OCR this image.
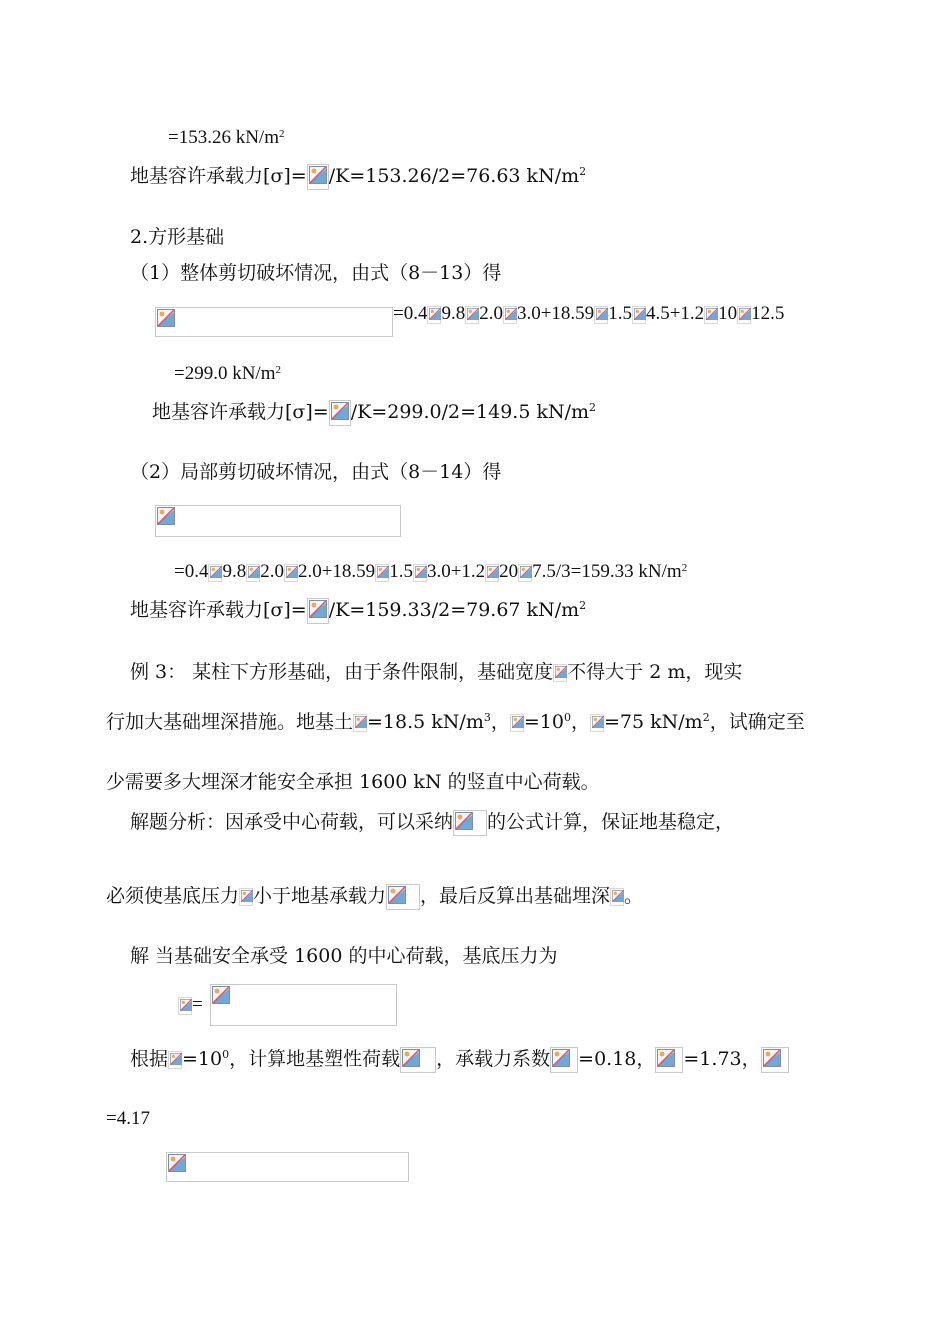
=153.26 $kN/m^2$
地基容许承载力[σ]= /K=153.26/2=76.63 $kN/m^2$
2.方形基础
（1）整体剪切破坏情况，由式（8－13）得
=0.4 9.8 2.0 3.0+18.59 1.5 4.5+1.2 10 12.5
=299.0 $kN/m^2$
地基容许承载力[σ]= /K=299.0/2=149.5 $kN/m^2$
（2）局部剪切破坏情况，由式（8－14）得
=0.4 9.8 2.0 2.0+18.59 1.5 3.0+1.2 20 7.5/3=159.33 $kN/m^2$
地基容许承载力[σ]= /K=159.33/2=79.67 $kN/m^2$
例 3： 某柱下方形基础，由于条件限制，基础宽度 不得大于 2 m，现实
行加大基础埋深措施。地基土 =18.5 $kN/m^3$， $=10^0$， =75 $kN/m^2$，试确定至
少需要多大埋深才能安全承担 1600 kN 的竖直中心荷载。
解题分析：因承受中心荷载，可以采纳 的公式计算，保证地基稳定，
必须使基底压力 小于地基承载力 ，最后反算出基础埋深 。
解 当基础安全承受 1600 的中心荷载，基底压力为
=
根据 $=10^0$，计算地基塑性荷载 ，承载力系数 =0.18， =1.73，
=4.17
